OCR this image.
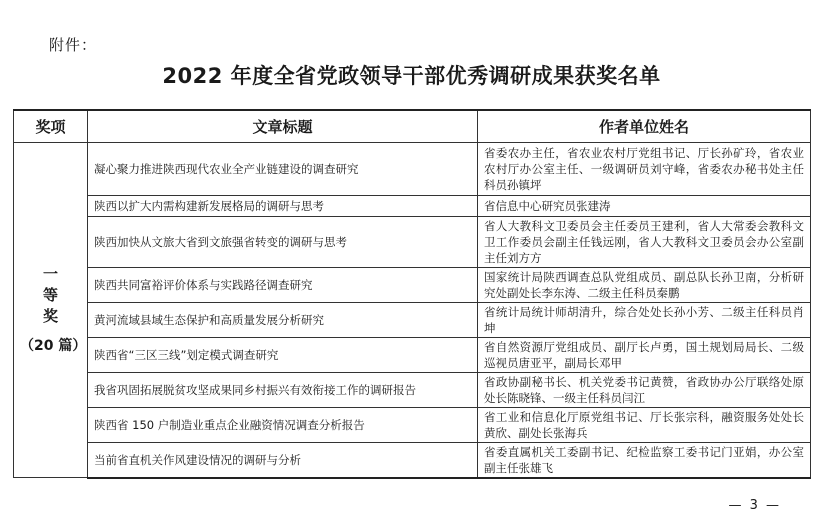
附件：
2022 年度全省党政领导干部优秀调研成果获奖名单
奖项	文章标题	作者单位姓名
一等奖
（20 篇）	凝心聚力推进陕西现代农业全产业链建设的调查研究	省委农办主任，省农业农村厅党组书记、厅长孙矿玲，省农业农村厅办公室主任、一级调研员刘守峰，省委农办秘书处主任科员孙镇坪
	陕西以扩大内需构建新发展格局的调研与思考	省信息中心研究员张建涛
	陕西加快从文旅大省到文旅强省转变的调研与思考	省人大教科文卫委员会主任委员王建利，省人大常委会教科文卫工作委员会副主任钱远刚，省人大教科文卫委员会办公室副主任刘方方
	陕西共同富裕评价体系与实践路径调查研究	国家统计局陕西调查总队党组成员、副总队长孙卫南，分析研究处副处长李东涛、二级主任科员秦鹏
	黄河流域县域生态保护和高质量发展分析研究	省统计局统计师胡清升，综合处处长孙小芳、二级主任科员肖坤
	陕西省“三区三线”划定模式调查研究	省自然资源厅党组成员、副厅长卢勇，国土规划局局长、二级巡视员唐亚平，副局长邓甲
	我省巩固拓展脱贫攻坚成果同乡村振兴有效衔接工作的调研报告	省政协副秘书长、机关党委书记黄赞，省政协办公厅联络处原处长陈晓锋、一级主任科员闫江
	陕西省 150 户制造业重点企业融资情况调查分析报告	省工业和信息化厅原党组书记、厅长张宗科，融资服务处处长黄欣、副处长张海兵
	当前省直机关作风建设情况的调研与分析	省委直属机关工委副书记、纪检监察工委书记门亚娟，办公室副主任张雄飞
— 3 —
